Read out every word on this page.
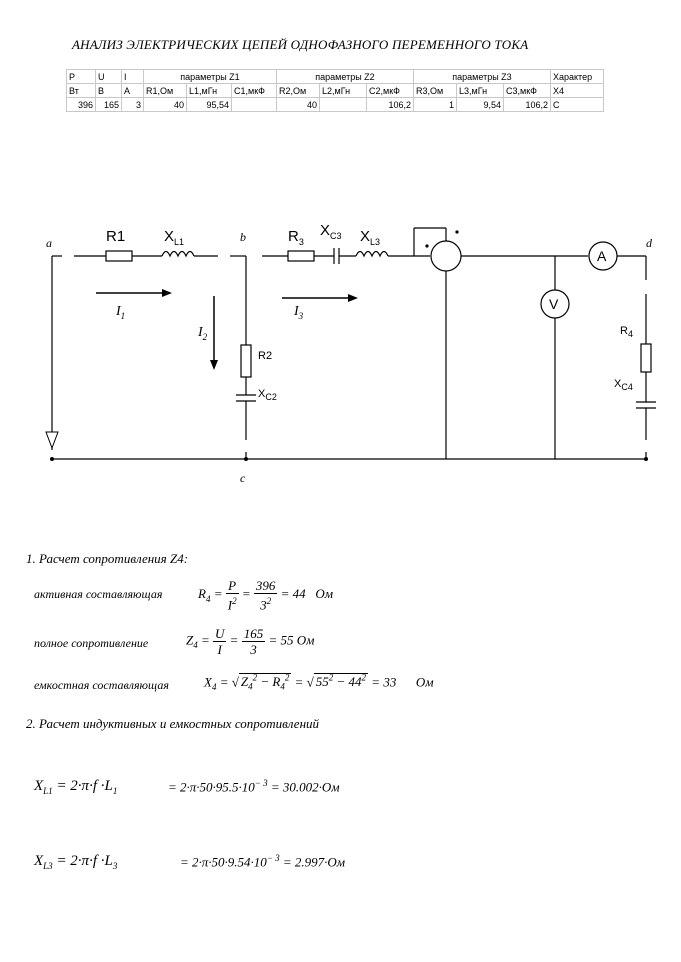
АНАЛИЗ ЭЛЕКТРИЧЕСКИХ ЦЕПЕЙ ОДНОФАЗНОГО ПЕРЕМЕННОГО ТОКА
P	U	I	параметры Z1			параметры Z2			параметры Z3			Характер
Вт	В	А	R1,Ом	L1,мГн	C1,мкФ	R2,Ом	L2,мГн	C2,мкФ	R3,Ом	L3,мГн	C3,мкФ	X4
396	165	3	40	95,54		40		106,2	1	9,54	106,2	C
a	b
c
d
R1	$X_{L1}$	$R_3$
$X_{C3}$ $X_{L3}$
R2
$X_{C2}$
$R_4$
$X_{C4}$
$I_1$
$I_2$
$I_3$
A
V
1. Расчет сопротивления Z4:
активная составляющая	$R_4 = \frac{P}{I^2} = \frac{396}{3^2} = 44$ Ом
полное сопротивление	$Z_4 = \frac{U}{I} = \frac{165}{3} = 55$ Ом
емкостная составляющая	$X_4$ = √ $Z_4^2 - R_4^2$ = √ $55^2 - 44^2 = 33$ Ом
2. Расчет индуктивных и емкостных сопротивлений
$X_{L1} = 2\cdot\pi\cdot f \cdot L_1$	= $2\cdot\pi\cdot 50\cdot 95.5\cdot 10^{- 3} = 30.002\cdot Ом$
$X_{L3} = 2\cdot\pi\cdot f \cdot L_3$	= $2\cdot\pi\cdot 50\cdot 9.54\cdot 10^{- 3} = 2.997\cdot Ом$
